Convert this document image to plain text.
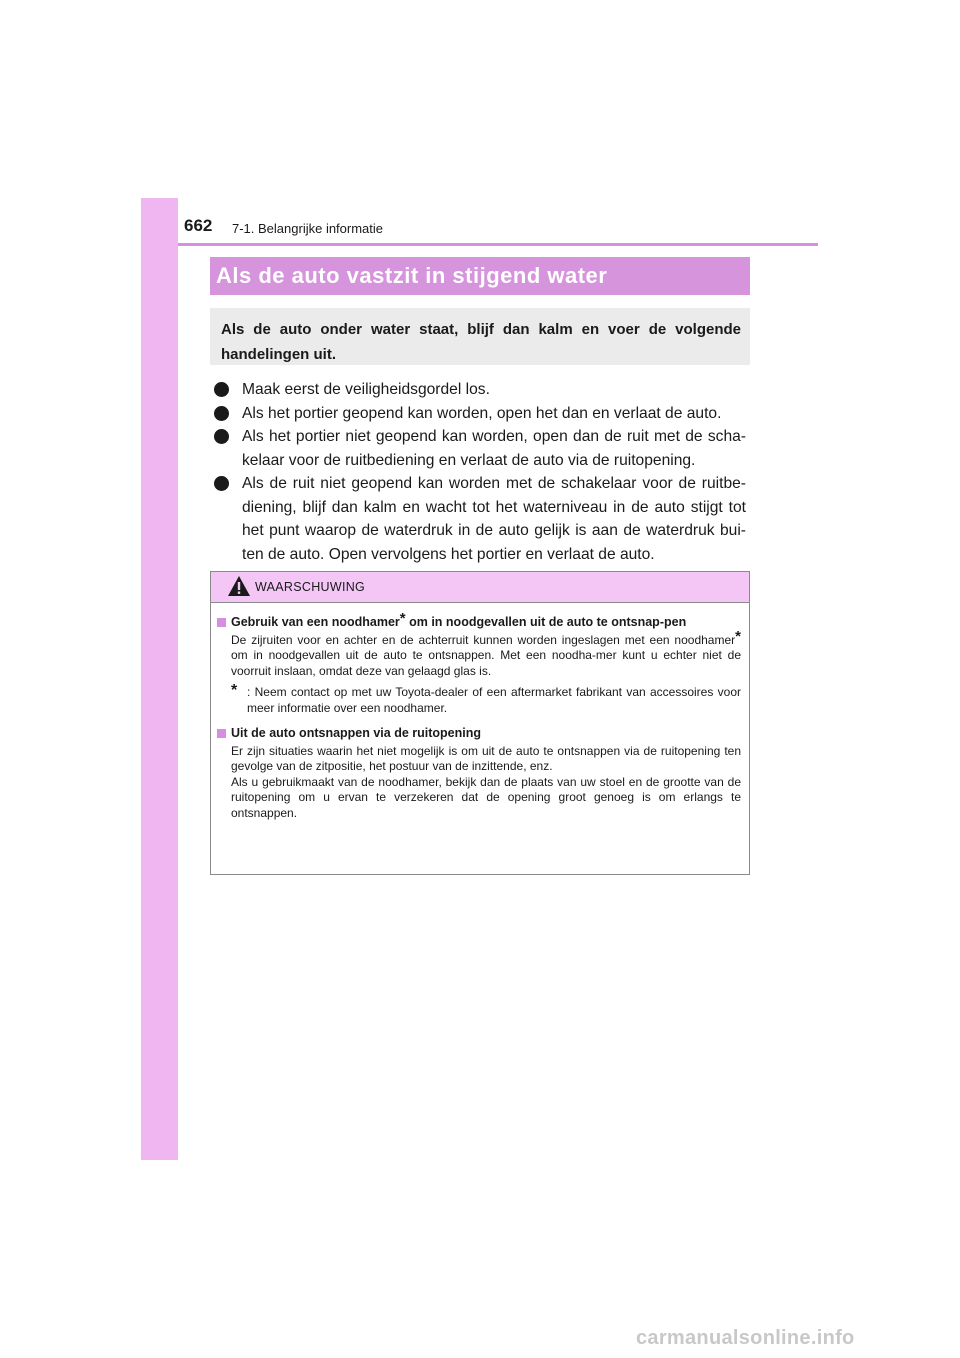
662 7-1. Belangrijke informatie
Als de auto vastzit in stijgend water
Als de auto onder water staat, blijf dan kalm en voer de volgende handelingen uit.
Maak eerst de veiligheidsgordel los.
Als het portier geopend kan worden, open het dan en verlaat de auto.
Als het portier niet geopend kan worden, open dan de ruit met de scha-kelaar voor de ruitbediening en verlaat de auto via de ruitopening.
Als de ruit niet geopend kan worden met de schakelaar voor de ruitbe-diening, blijf dan kalm en wacht tot het waterniveau in de auto stijgt tot het punt waarop de waterdruk in de auto gelijk is aan de waterdruk bui-ten de auto. Open vervolgens het portier en verlaat de auto.
WAARSCHUWING
Gebruik van een noodhamer* om in noodgevallen uit de auto te ontsnap-pen
De zijruiten voor en achter en de achterruit kunnen worden ingeslagen met een noodhamer* om in noodgevallen uit de auto te ontsnappen. Met een noodha-mer kunt u echter niet de voorruit inslaan, omdat deze van gelaagd glas is.
* : Neem contact op met uw Toyota-dealer of een aftermarket fabrikant van accessoires voor meer informatie over een noodhamer.
Uit de auto ontsnappen via de ruitopening
Er zijn situaties waarin het niet mogelijk is om uit de auto te ontsnappen via de ruitopening ten gevolge van de zitpositie, het postuur van de inzittende, enz.
Als u gebruikmaakt van de noodhamer, bekijk dan de plaats van uw stoel en de grootte van de ruitopening om u ervan te verzekeren dat de opening groot genoeg is om erlangs te ontsnappen.
carmanualsonline.info
